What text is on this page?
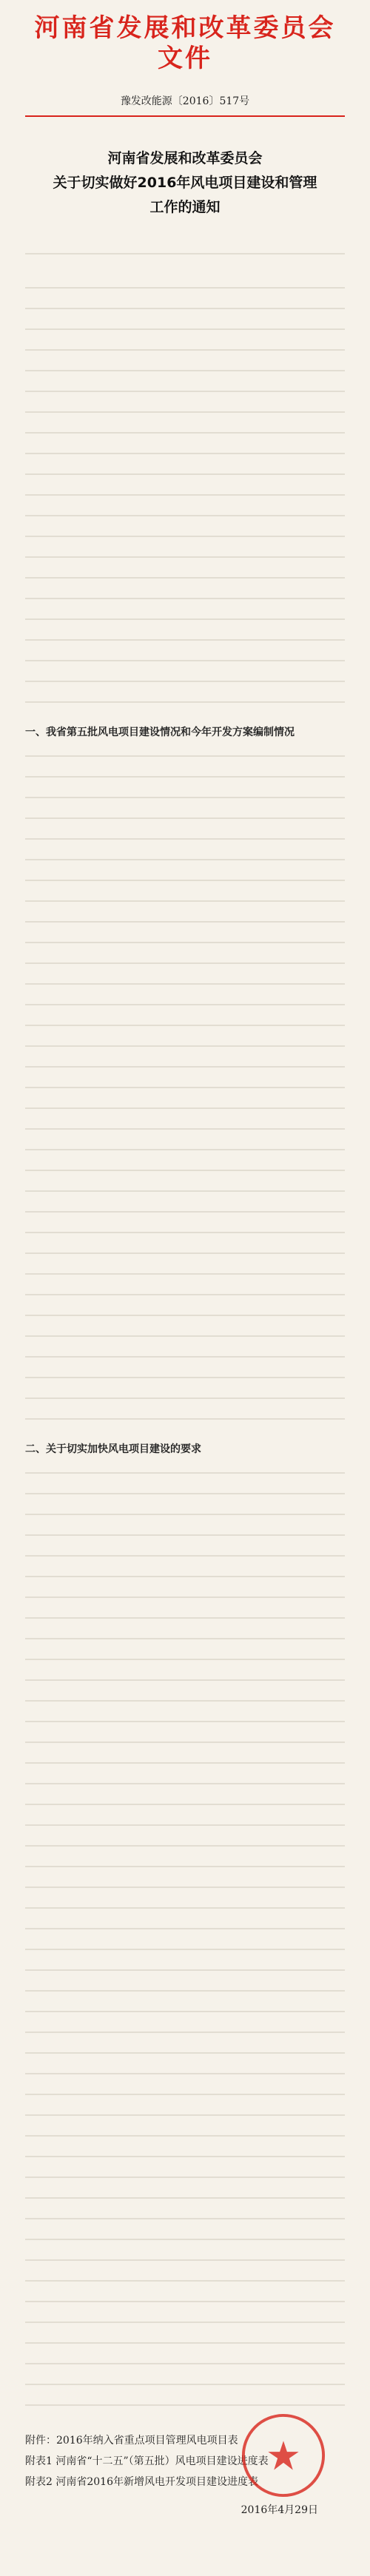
河南省发展和改革委员会文件
豫发改能源〔2016〕517号
河南省发展和改革委员会
关于切实做好2016年风电项目建设和管理
工作的通知
一、我省第五批风电项目建设情况和今年开发方案编制情况
二、关于切实加快风电项目建设的要求
附件：2016年纳入省重点项目管理风电项目表
附表1 河南省“十二五”（第五批）风电项目建设进度表
附表2 河南省2016年新增风电开发项目建设进度表
2016年4月29日
